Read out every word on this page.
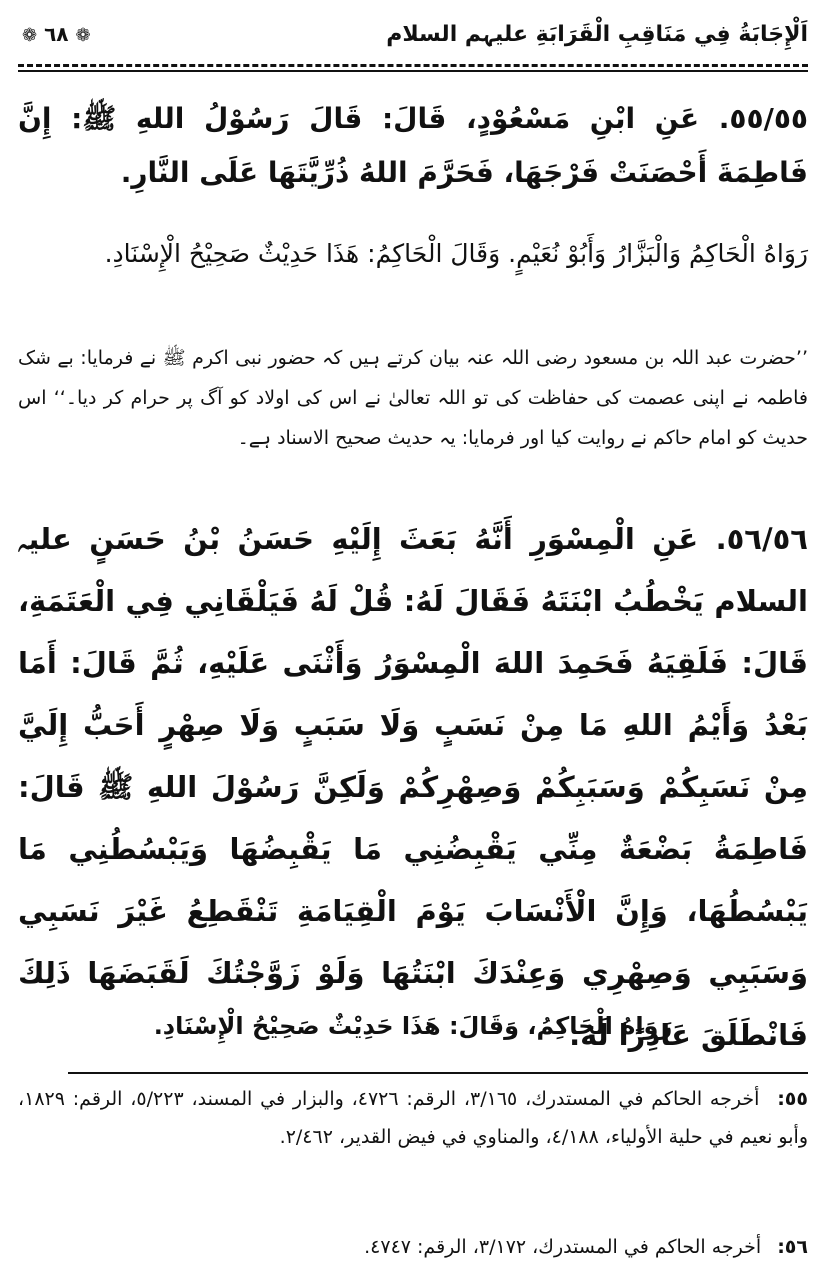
اَلْإِجَابَةُ فِي مَنَاقِبِ الْقَرَابَةِ علیہم السلام
❁ ٦٨ ❁
٥٥/٥٥. عَنِ ابْنِ مَسْعُوْدٍ، قَالَ: قَالَ رَسُوْلُ اللهِ ﷺ: إِنَّ فَاطِمَةَ أَحْصَنَتْ فَرْجَهَا، فَحَرَّمَ اللهُ ذُرِّيَّتَهَا عَلَى النَّارِ.
رَوَاهُ الْحَاكِمُ وَالْبَزَّارُ وَأَبُوْ نُعَيْمٍ. وَقَالَ الْحَاكِمُ: هَذَا حَدِيْثٌ صَحِيْحُ الْإِسْنَادِ.
’’حضرت عبد اللہ بن مسعود رضی اللہ عنہ بیان کرتے ہیں کہ حضور نبی اکرم ﷺ نے فرمایا: بے شک فاطمہ نے اپنی عصمت کی حفاظت کی تو اللہ تعالیٰ نے اس کی اولاد کو آگ پر حرام کر دیا۔‘‘ اس حدیث کو امام حاکم نے روایت کیا اور فرمایا: یہ حدیث صحیح الاسناد ہے۔
٥٦/٥٦. عَنِ الْمِسْوَرِ أَنَّهُ بَعَثَ إِلَيْهِ حَسَنُ بْنُ حَسَنٍ علیہ السلام يَخْطُبُ ابْنَتَهُ فَقَالَ لَهُ: قُلْ لَهُ فَيَلْقَانِي فِي الْعَتَمَةِ، قَالَ: فَلَقِيَهُ فَحَمِدَ اللهَ الْمِسْوَرُ وَأَثْنَى عَلَيْهِ، ثُمَّ قَالَ: أَمَا بَعْدُ وَأَيْمُ اللهِ مَا مِنْ نَسَبٍ وَلَا سَبَبٍ وَلَا صِهْرٍ أَحَبُّ إِلَيَّ مِنْ نَسَبِكُمْ وَسَبَبِكُمْ وَصِهْرِكُمْ وَلَكِنَّ رَسُوْلَ اللهِ ﷺ قَالَ: فَاطِمَةُ بَضْعَةٌ مِنِّي يَقْبِضُنِي مَا يَقْبِضُهَا وَيَبْسُطُنِي مَا يَبْسُطُهَا، وَإِنَّ الْأَنْسَابَ يَوْمَ الْقِيَامَةِ تَنْقَطِعُ غَيْرَ نَسَبِي وَسَبَبِي وَصِهْرِي وَعِنْدَكَ ابْنَتُهَا وَلَوْ زَوَّجْتُكَ لَقَبَضَهَا ذَلِكَ فَانْطَلَقَ عَاذِرًا لَهُ.
رَوَاهُ الْحَاكِمُ، وَقَالَ: هَذَا حَدِيْثٌ صَحِيْحُ الْإِسْنَادِ.
٥٥: أخرجه الحاكم في المستدرك، ٣/١٦٥، الرقم: ٤٧٢٦، والبزار في المسند، ٥/٢٢٣، الرقم: ١٨٢٩، وأبو نعيم في حلية الأولياء، ٤/١٨٨، والمناوي في فيض القدير، ٢/٤٦٢.
٥٦: أخرجه الحاكم في المستدرك، ٣/١٧٢، الرقم: ٤٧٤٧.
